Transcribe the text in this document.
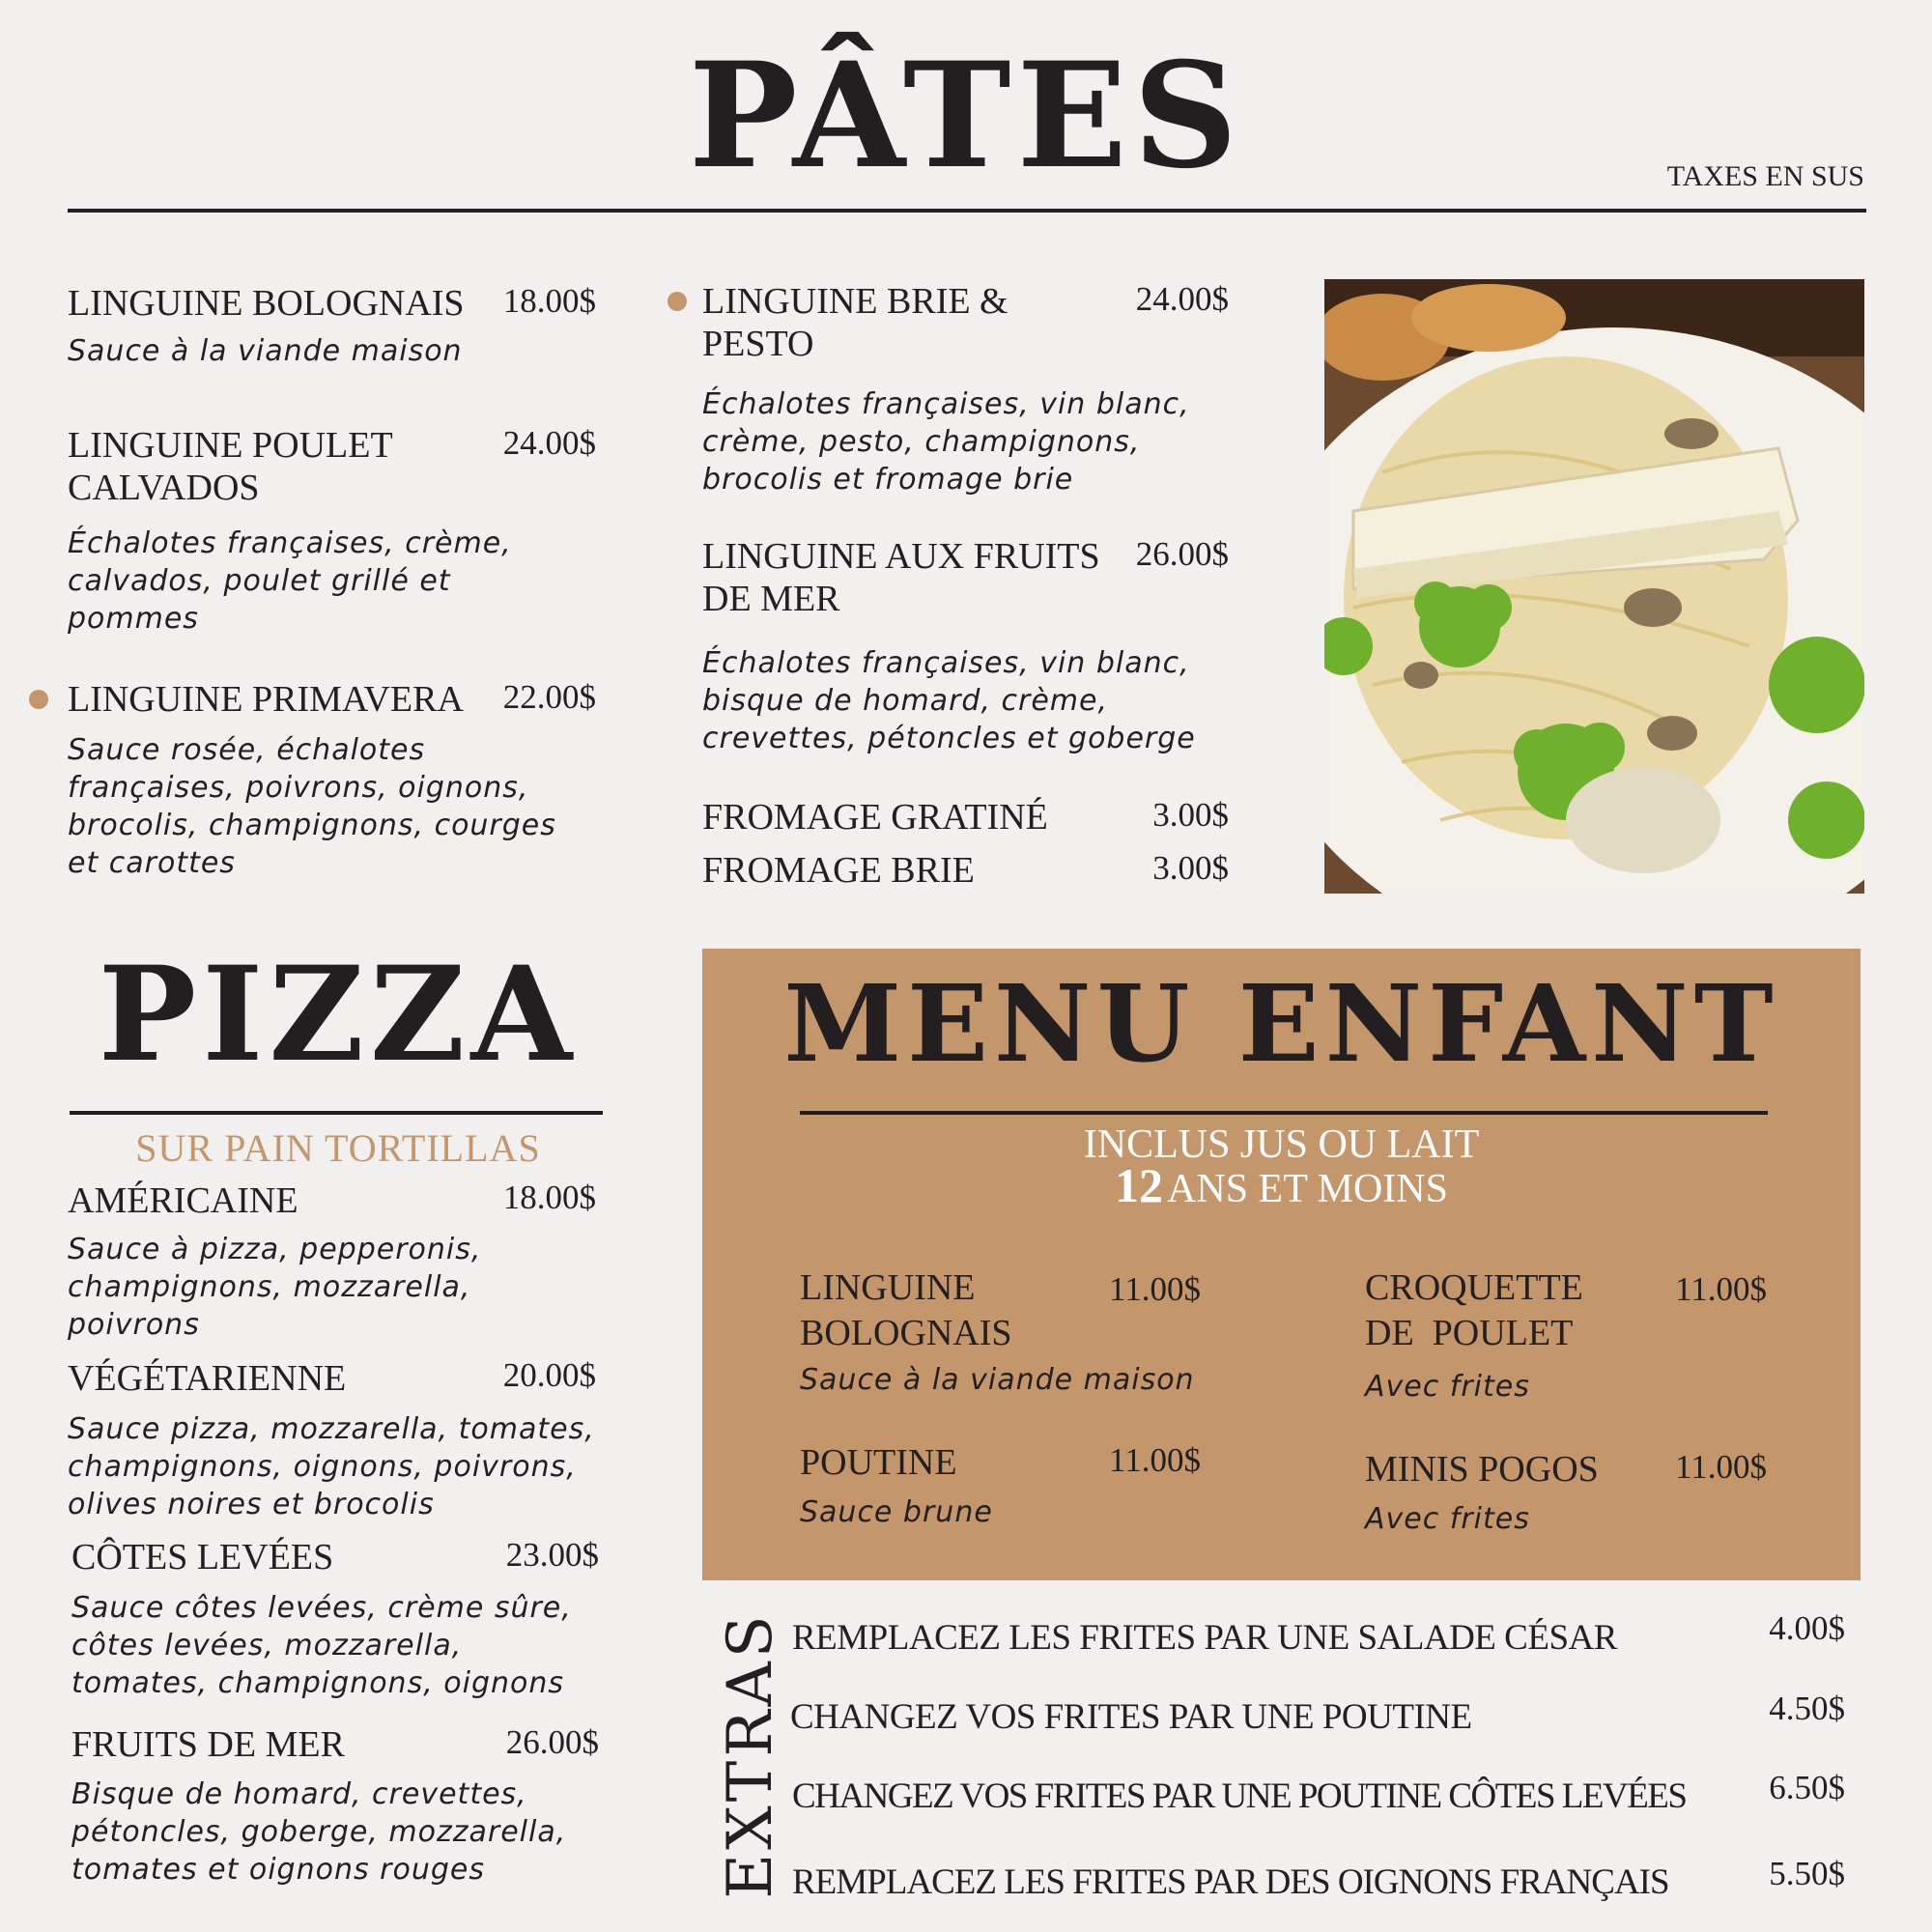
PÂTES	TAXES EN SUS
LINGUINE BOLOGNAIS	18.00$
Sauce à la viande maison
LINGUINE POULET CALVADOS
24.00$
Échalotes françaises, crème, calvados, poulet grillé et pommes
LINGUINE PRIMAVERA	22.00$
Sauce rosée, échalotes françaises, poivrons, oignons, brocolis, champignons, courges et carottes
LINGUINE BRIE & PESTO
24.00$
Échalotes françaises, vin blanc, crème, pesto, champignons, brocolis et fromage brie
LINGUINE AUX FRUITS DE MER
26.00$
Échalotes françaises, vin blanc, bisque de homard, crème, crevettes, pétoncles et goberge
FROMAGE GRATINÉ	3.00$
FROMAGE BRIE	3.00$
PIZZA
SUR PAIN TORTILLAS
AMÉRICAINE	18.00$
Sauce à pizza, pepperonis, champignons, mozzarella, poivrons
VÉGÉTARIENNE	20.00$
Sauce pizza, mozzarella, tomates, champignons, oignons, poivrons, olives noires et brocolis
CÔTES LEVÉES	23.00$
Sauce côtes levées, crème sûre, côtes levées, mozzarella, tomates, champignons, oignons
FRUITS DE MER	26.00$
Bisque de homard, crevettes, pétoncles, goberge, mozzarella, tomates et oignons rouges
MENU ENFANT
INCLUS JUS OU LAIT
12 ANS ET MOINS
LINGUINE BOLOGNAIS
11.00$
Sauce à la viande maison
POUTINE	11.00$
Sauce brune
CROQUETTE DE  POULET
11.00$
Avec frites
MINIS POGOS	11.00$
Avec frites
EXTRAS REMPLACEZ LES FRITES PAR UNE SALADE CÉSAR	4.00$
CHANGEZ VOS FRITES PAR UNE POUTINE	4.50$
CHANGEZ VOS FRITES PAR UNE POUTINE CÔTES LEVÉES	6.50$
REMPLACEZ LES FRITES PAR DES OIGNONS FRANÇAIS	5.50$
